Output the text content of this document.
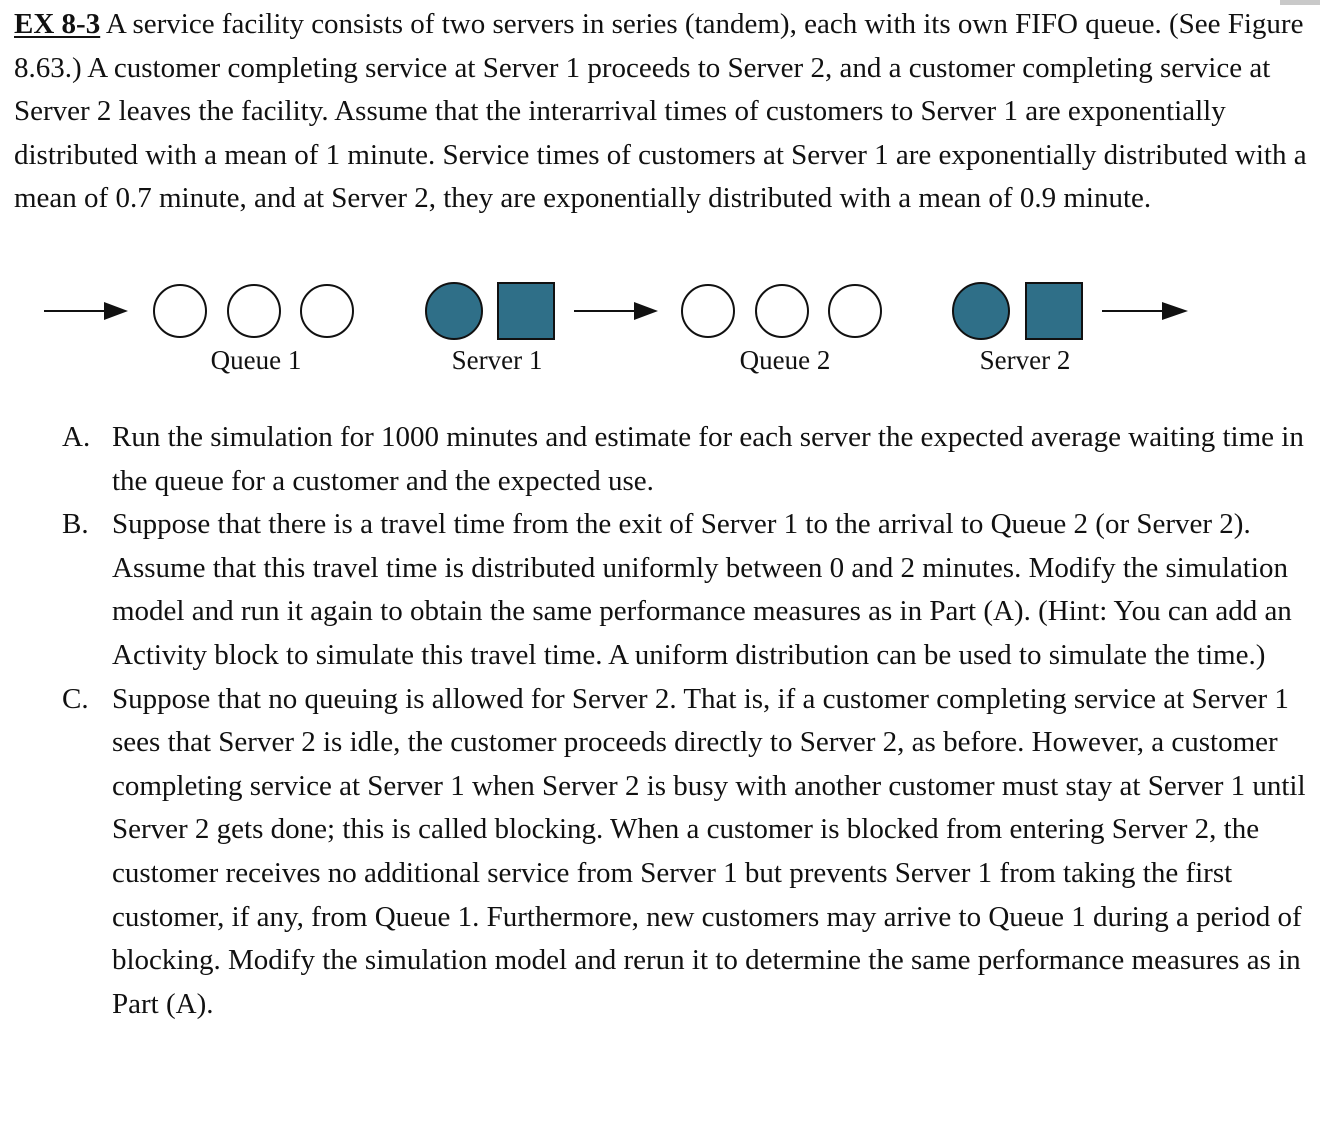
EX 8-3 A service facility consists of two servers in series (tandem), each with its own FIFO queue. (See Figure 8.63.) A customer completing service at Server 1 proceeds to Server 2, and a customer completing service at Server 2 leaves the facility. Assume that the interarrival times of customers to Server 1 are exponentially distributed with a mean of 1 minute. Service times of customers at Server 1 are exponentially distributed with a mean of 0.7 minute, and at Server 2, they are exponentially distributed with a mean of 0.9 minute.

Queue 1	Server 1	Queue 2	Server 2
A. Run the simulation for 1000 minutes and estimate for each server the expected average waiting time in the queue for a customer and the expected use.
B. Suppose that there is a travel time from the exit of Server 1 to the arrival to Queue 2 (or Server 2). Assume that this travel time is distributed uniformly between 0 and 2 minutes. Modify the simulation model and run it again to obtain the same performance measures as in Part (A). (Hint: You can add an Activity block to simulate this travel time. A uniform distribution can be used to simulate the time.)
C. Suppose that no queuing is allowed for Server 2. That is, if a customer completing service at Server 1 sees that Server 2 is idle, the customer proceeds directly to Server 2, as before. However, a customer completing service at Server 1 when Server 2 is busy with another customer must stay at Server 1 until Server 2 gets done; this is called blocking. When a customer is blocked from entering Server 2, the customer receives no additional service from Server 1 but prevents Server 1 from taking the first customer, if any, from Queue 1. Furthermore, new customers may arrive to Queue 1 during a period of blocking. Modify the simulation model and rerun it to determine the same performance measures as in Part (A).
